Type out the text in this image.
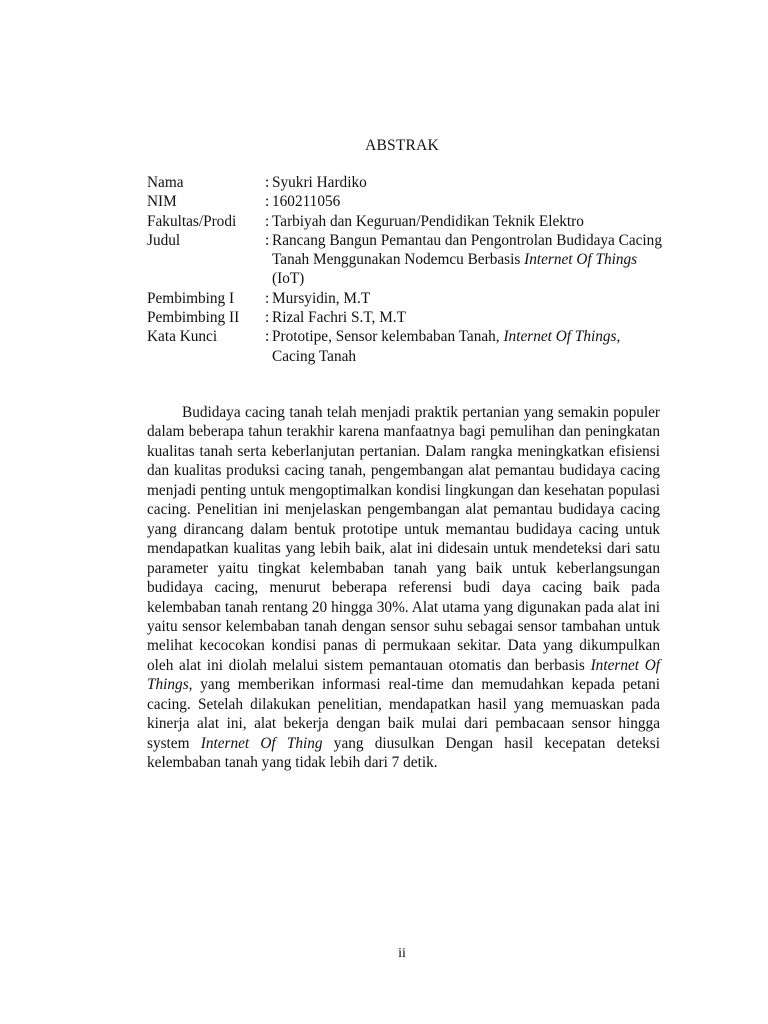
ABSTRAK
Nama	: Syukri Hardiko
NIM	: 160211056
Fakultas/Prodi	: Tarbiyah dan Keguruan/Pendidikan Teknik Elektro
Judul	: Rancang Bangun Pemantau dan Pengontrolan Budidaya Cacing Tanah Menggunakan Nodemcu Berbasis Internet Of Things (IoT)
Pembimbing I	: Mursyidin, M.T
Pembimbing II	: Rizal Fachri S.T, M.T
Kata Kunci	: Prototipe, Sensor kelembaban Tanah, Internet Of Things, Cacing Tanah

Budidaya cacing tanah telah menjadi praktik pertanian yang semakin populer dalam beberapa tahun terakhir karena manfaatnya bagi pemulihan dan peningkatan kualitas tanah serta keberlanjutan pertanian. Dalam rangka meningkatkan efisiensi dan kualitas produksi cacing tanah, pengembangan alat pemantau budidaya cacing menjadi penting untuk mengoptimalkan kondisi lingkungan dan kesehatan populasi cacing. Penelitian ini menjelaskan pengembangan alat pemantau budidaya cacing yang dirancang dalam bentuk prototipe untuk memantau budidaya cacing untuk mendapatkan kualitas yang lebih baik, alat ini didesain untuk mendeteksi dari satu parameter yaitu tingkat kelembaban tanah yang baik untuk keberlangsungan budidaya cacing, menurut beberapa referensi budi daya cacing baik pada kelembaban tanah rentang 20 hingga 30%. Alat utama yang digunakan pada alat ini yaitu sensor kelembaban tanah dengan sensor suhu sebagai sensor tambahan untuk melihat kecocokan kondisi panas di permukaan sekitar. Data yang dikumpulkan oleh alat ini diolah melalui sistem pemantauan otomatis dan berbasis Internet Of Things, yang memberikan informasi real-time dan memudahkan kepada petani cacing. Setelah dilakukan penelitian, mendapatkan hasil yang memuaskan pada kinerja alat ini, alat bekerja dengan baik mulai dari pembacaan sensor hingga system Internet Of Thing yang diusulkan Dengan hasil kecepatan deteksi kelembaban tanah yang tidak lebih dari 7 detik.

ii
